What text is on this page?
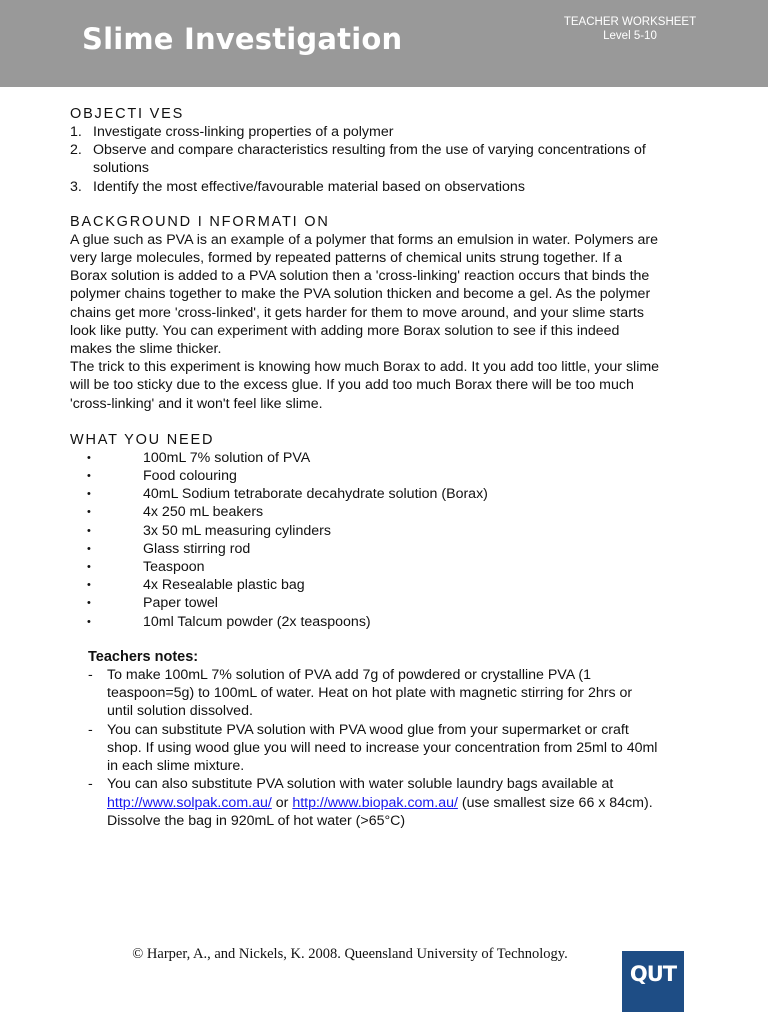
Slime Investigation	TEACHER WORKSHEET
Level 5-10
OBJECTI VES
1. Investigate cross-linking properties of a polymer
2. Observe and compare characteristics resulting from the use of varying concentrations of solutions
3. Identify the most effective/favourable material based on observations
BACKGROUND I NFORMATI ON

A glue such as PVA is an example of a polymer that forms an emulsion in water. Polymers are very large molecules, formed by repeated patterns of chemical units strung together. If a Borax solution is added to a PVA solution then a 'cross-linking' reaction occurs that binds the polymer chains together to make the PVA solution thicken and become a gel. As the polymer chains get more 'cross-linked', it gets harder for them to move around, and your slime starts look like putty. You can experiment with adding more Borax solution to see if this indeed makes the slime thicker.

The trick to this experiment is knowing how much Borax to add. It you add too little, your slime will be too sticky due to the excess glue. If you add too much Borax there will be too much 'cross-linking' and it won't feel like slime.

WHAT YOU NEED
•	100mL 7% solution of PVA
•	Food colouring
•	40mL Sodium tetraborate decahydrate solution (Borax)
•	4x 250 mL beakers
•	3x 50 mL measuring cylinders
•	Glass stirring rod
•	Teaspoon
•	4x Resealable plastic bag
•	Paper towel
•	10ml Talcum powder (2x teaspoons)

Teachers notes:

- To make 100mL 7% solution of PVA add 7g of powdered or crystalline PVA (1 teaspoon=5g) to 100mL of water. Heat on hot plate with magnetic stirring for 2hrs or until solution dissolved.
- You can substitute PVA solution with PVA wood glue from your supermarket or craft shop. If using wood glue you will need to increase your concentration from 25ml to 40ml in each slime mixture.
- You can also substitute PVA solution with water soluble laundry bags available at http://www.solpak.com.au/ or http://www.biopak.com.au/ (use smallest size 66 x 84cm). Dissolve the bag in 920mL of hot water (>65°C)
© Harper, A., and Nickels, K. 2008. Queensland University of Technology.
QUT
